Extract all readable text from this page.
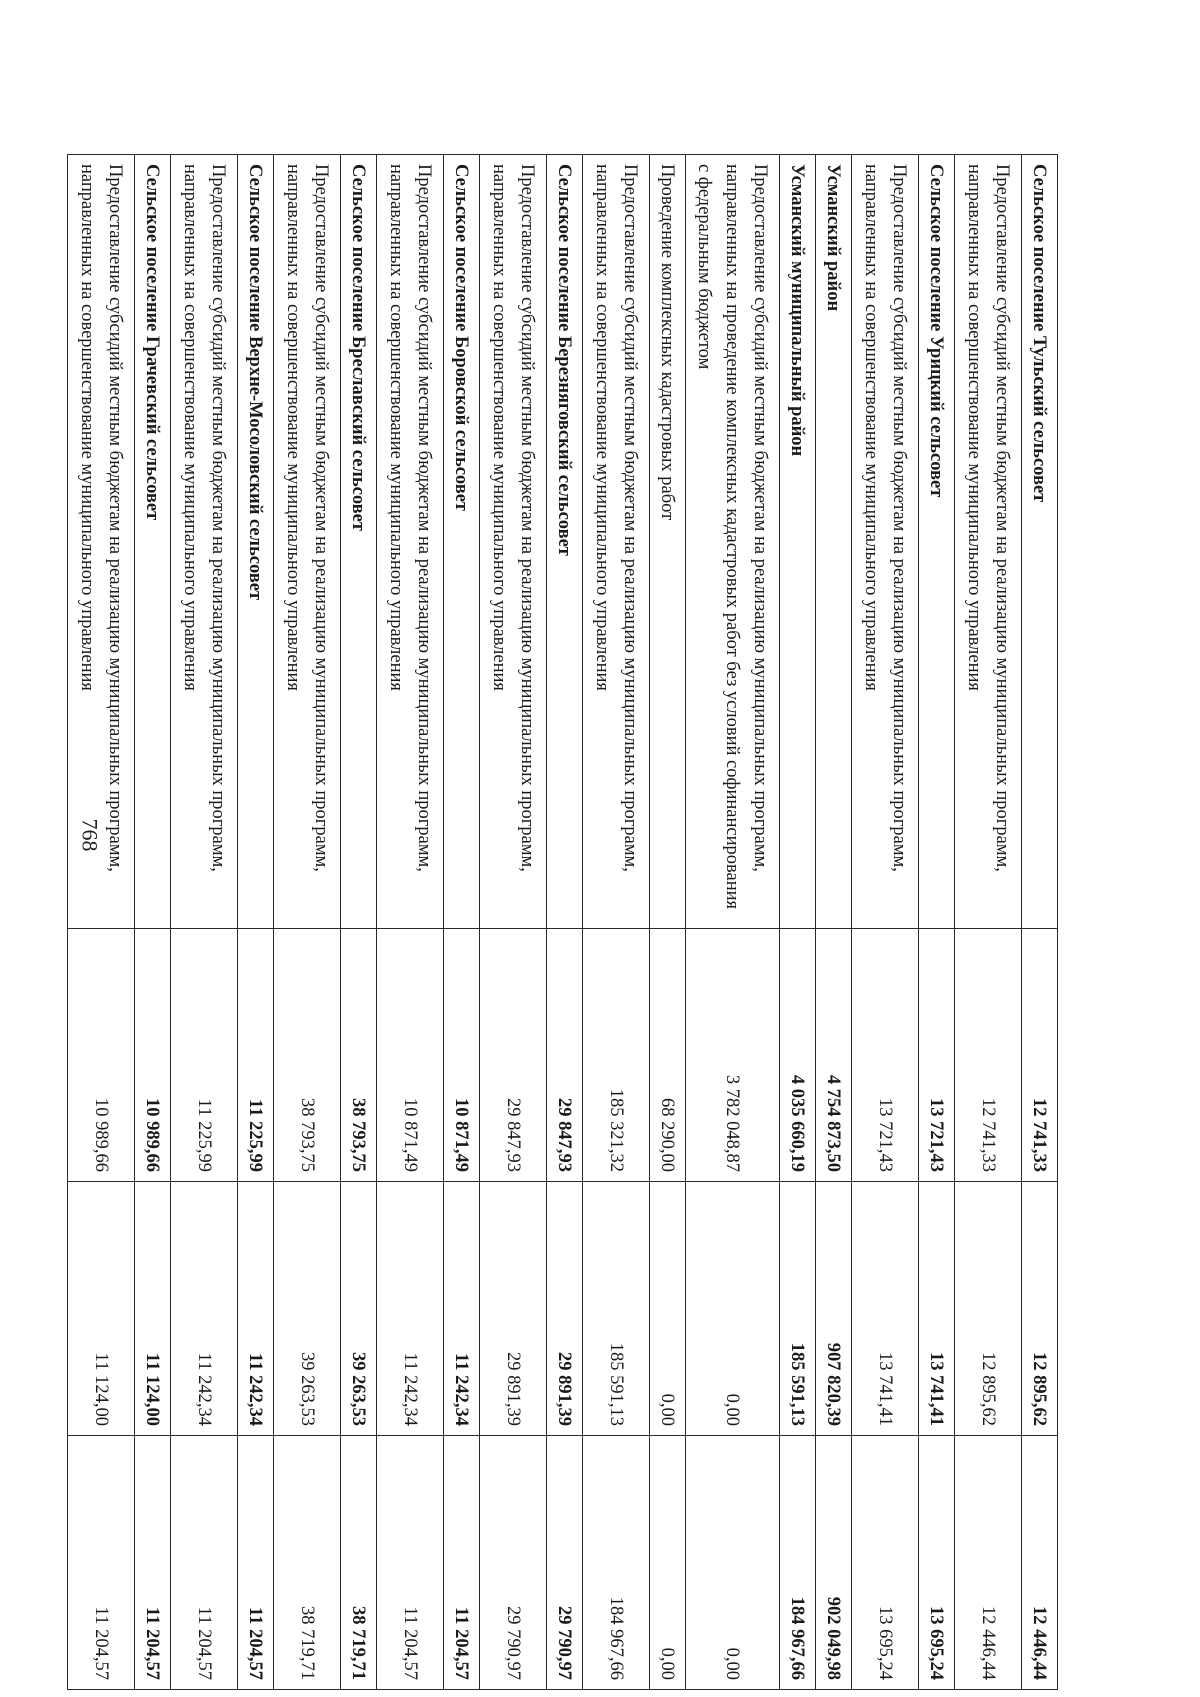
768
Сельское поселение Тульский сельсовет	12 741,33	12 895,62	12 446,44
Предоставление субсидий местным бюджетам на реализацию муниципальных программ, направленных на совершенствование муниципального управления	12 741,33	12 895,62	12 446,44
Сельское поселение Урицкий сельсовет	13 721,43	13 741,41	13 695,24
Предоставление субсидий местным бюджетам на реализацию муниципальных программ, направленных на совершенствование муниципального управления	13 721,43	13 741,41	13 695,24
Усманский район	4 754 873,50	907 820,39	902 049,98
Усманский муниципальный район	4 035 660,19	185 591,13	184 967,66
Предоставление субсидий местным бюджетам на реализацию муниципальных программ, направленных на проведение комплексных кадастровых работ без условий софинансирования с федеральным бюджетом	3 782 048,87	0,00	0,00
Проведение комплексных кадастровых работ	68 290,00	0,00	0,00
Предоставление субсидий местным бюджетам на реализацию муниципальных программ, направленных на совершенствование муниципального управления	185 321,32	185 591,13	184 967,66
Сельское поселение Березняговский сельсовет	29 847,93	29 891,39	29 790,97
Предоставление субсидий местным бюджетам на реализацию муниципальных программ, направленных на совершенствование муниципального управления	29 847,93	29 891,39	29 790,97
Сельское поселение Боровской сельсовет	10 871,49	11 242,34	11 204,57
Предоставление субсидий местным бюджетам на реализацию муниципальных программ, направленных на совершенствование муниципального управления	10 871,49	11 242,34	11 204,57
Сельское поселение Бреславский сельсовет	38 793,75	39 263,53	38 719,71
Предоставление субсидий местным бюджетам на реализацию муниципальных программ, направленных на совершенствование муниципального управления	38 793,75	39 263,53	38 719,71
Сельское поселение Верхне-Мосоловский сельсовет	11 225,99	11 242,34	11 204,57
Предоставление субсидий местным бюджетам на реализацию муниципальных программ, направленных на совершенствование муниципального управления	11 225,99	11 242,34	11 204,57
Сельское поселение Грачевский сельсовет	10 989,66	11 124,00	11 204,57
Предоставление субсидий местным бюджетам на реализацию муниципальных программ, направленных на совершенствование муниципального управления	10 989,66	11 124,00	11 204,57
